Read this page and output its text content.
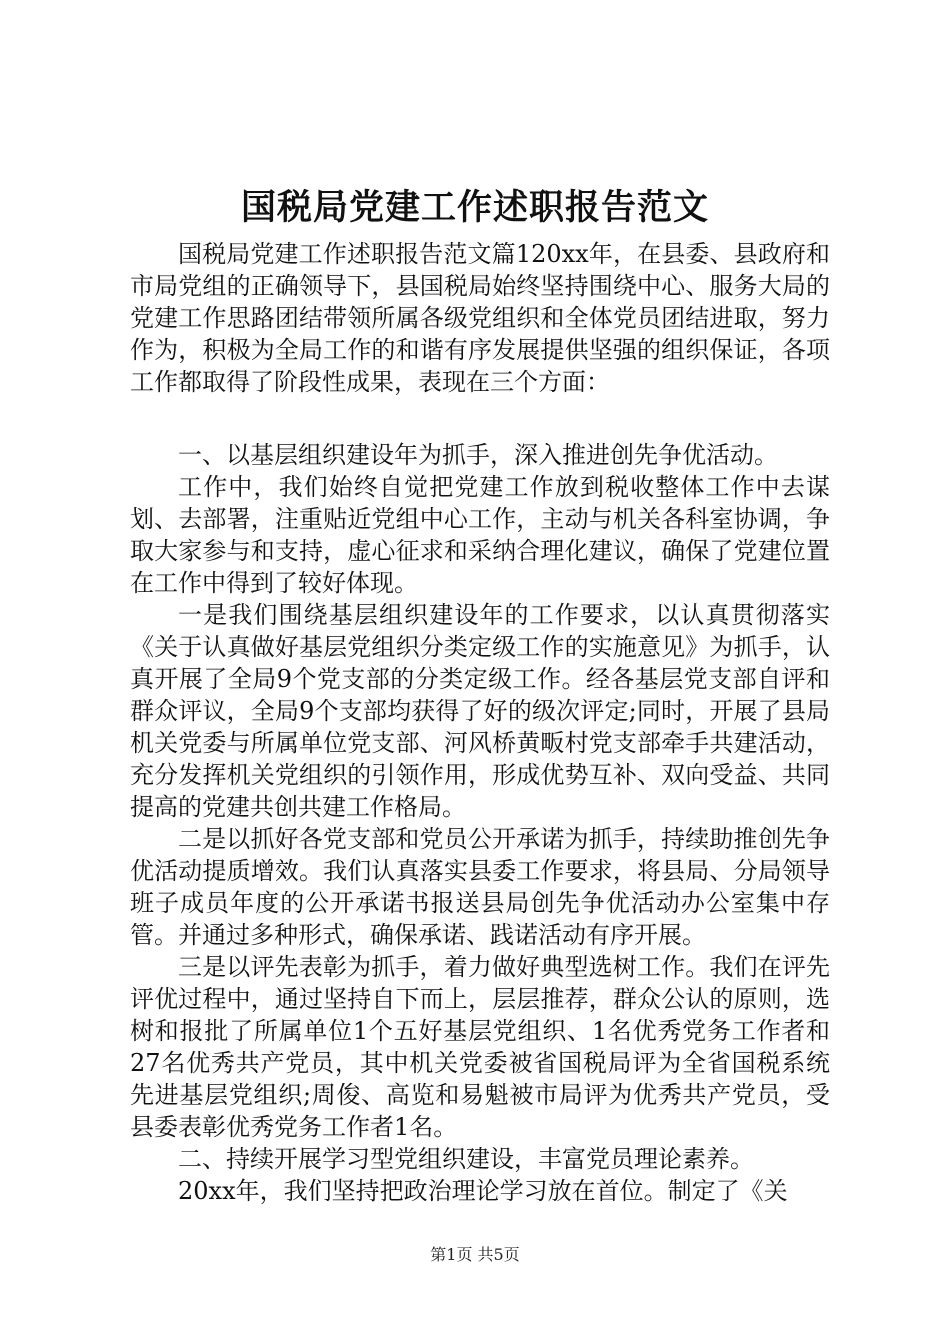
国税局党建工作述职报告范文

国税局党建工作述职报告范文篇120xx年，在县委、县政府和市局党组的正确领导下，县国税局始终坚持围绕中心、服务大局的党建工作思路团结带领所属各级党组织和全体党员团结进取，努力作为，积极为全局工作的和谐有序发展提供坚强的组织保证，各项工作都取得了阶段性成果，表现在三个方面：

一、以基层组织建设年为抓手，深入推进创先争优活动。

工作中，我们始终自觉把党建工作放到税收整体工作中去谋划、去部署，注重贴近党组中心工作，主动与机关各科室协调，争取大家参与和支持，虚心征求和采纳合理化建议，确保了党建位置在工作中得到了较好体现。

一是我们围绕基层组织建设年的工作要求，以认真贯彻落实《关于认真做好基层党组织分类定级工作的实施意见》为抓手，认真开展了全局9个党支部的分类定级工作。经各基层党支部自评和群众评议，全局9个支部均获得了好的级次评定;同时，开展了县局机关党委与所属单位党支部、河风桥黄畈村党支部牵手共建活动，充分发挥机关党组织的引领作用，形成优势互补、双向受益、共同提高的党建共创共建工作格局。

二是以抓好各党支部和党员公开承诺为抓手，持续助推创先争优活动提质增效。我们认真落实县委工作要求，将县局、分局领导班子成员年度的公开承诺书报送县局创先争优活动办公室集中存管。并通过多种形式，确保承诺、践诺活动有序开展。

三是以评先表彰为抓手，着力做好典型选树工作。我们在评先评优过程中，通过坚持自下而上，层层推荐，群众公认的原则，选树和报批了所属单位1个五好基层党组织、1名优秀党务工作者和27名优秀共产党员，其中机关党委被省国税局评为全省国税系统先进基层党组织;周俊、高览和易魁被市局评为优秀共产党员，受县委表彰优秀党务工作者1名。

二、持续开展学习型党组织建设，丰富党员理论素养。

20xx年，我们坚持把政治理论学习放在首位。制定了《关

第1页 共5页
